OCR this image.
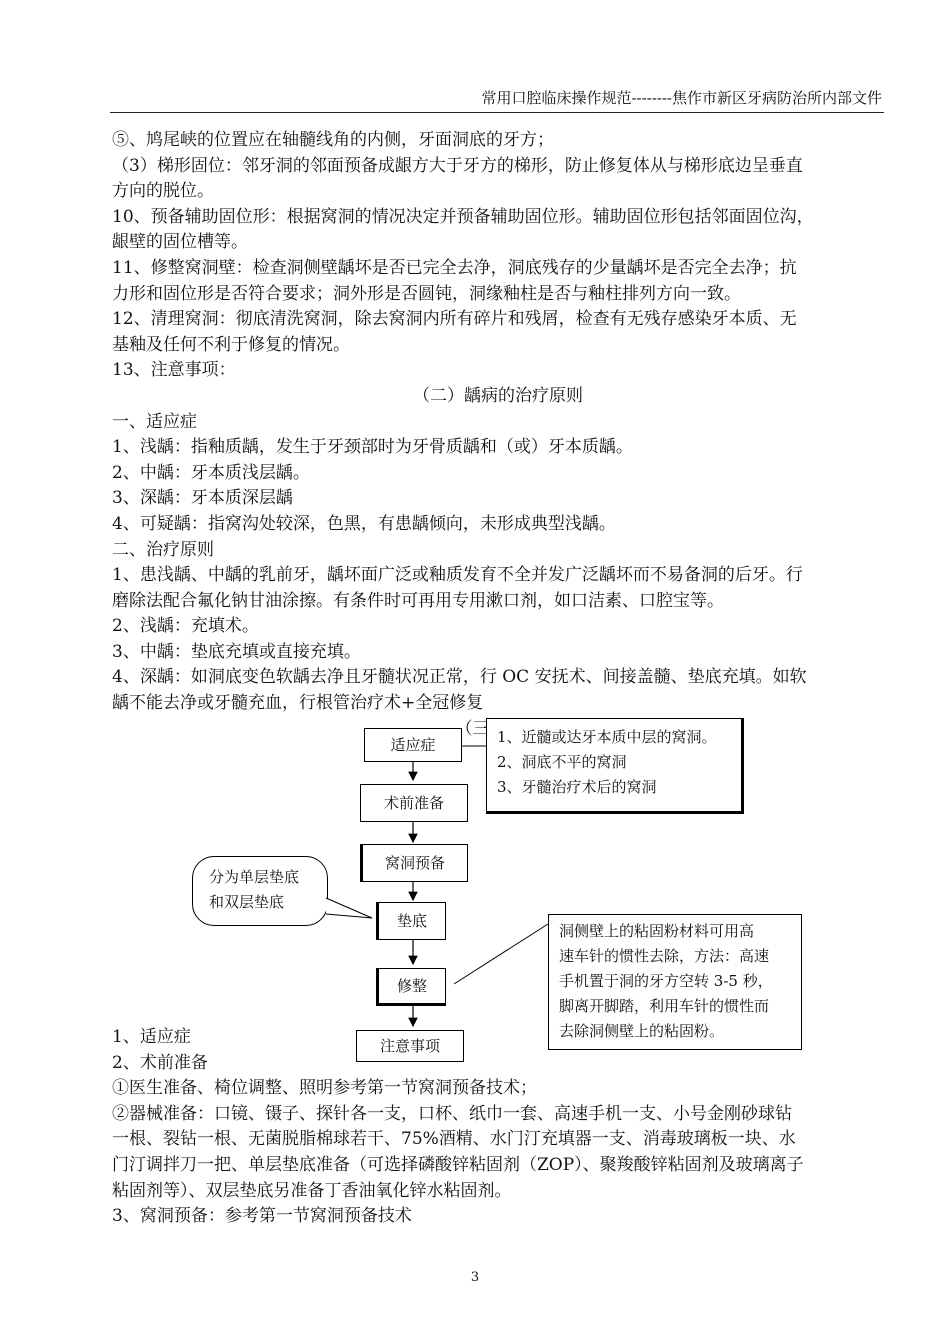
常用口腔临床操作规范--------焦作市新区牙病防治所内部文件

⑤、鸠尾峡的位置应在轴髓线角的内侧，牙面洞底的牙方；

（3）梯形固位：邻牙洞的邻面预备成龈方大于牙方的梯形，防止修复体从与梯形底边呈垂直

方向的脱位。

10、预备辅助固位形：根据窝洞的情况决定并预备辅助固位形。辅助固位形包括邻面固位沟，

龈壁的固位槽等。

11、修整窝洞壁：检查洞侧壁龋坏是否已完全去净，洞底残存的少量龋坏是否完全去净；抗

力形和固位形是否符合要求；洞外形是否圆钝，洞缘釉柱是否与釉柱排列方向一致。

12、清理窝洞：彻底清洗窝洞，除去窝洞内所有碎片和残屑，检查有无残存感染牙本质、无

基釉及任何不利于修复的情况。

13、注意事项：

（二）龋病的治疗原则

一、适应症

1、浅龋：指釉质龋，发生于牙颈部时为牙骨质龋和（或）牙本质龋。

2、中龋：牙本质浅层龋。

3、深龋：牙本质深层龋

4、可疑龋：指窝沟处较深，色黑，有患龋倾向，未形成典型浅龋。

二、治疗原则

1、患浅龋、中龋的乳前牙，龋坏面广泛或釉质发育不全并发广泛龋坏而不易备洞的后牙。行

磨除法配合氟化钠甘油涂擦。有条件时可再用专用漱口剂，如口洁素、口腔宝等。

2、浅龋：充填术。

3、中龋：垫底充填或直接充填。

4、深龋：如洞底变色软龋去净且牙髓状况正常，行 OC 安抚术、间接盖髓、垫底充填。如软

龋不能去净或牙髓充血，行根管治疗术+全冠修复

适应症	1、近髓或达牙本质中层的窝洞。
2、洞底不平的窝洞
3、牙髓治疗术后的窝洞
术前准备
窝洞预备
分为单层垫底
和双层垫底
垫底
修整
洞侧壁上的粘固粉材料可用高
速车针的惯性去除，方法：高速
手机置于洞的牙方空转 3-5 秒，
脚离开脚踏，利用车针的惯性而
去除洞侧壁上的粘固粉。
注意事项

1、适应症

2、术前准备

①医生准备、椅位调整、照明参考第一节窝洞预备技术；

②器械准备：口镜、镊子、探针各一支，口杯、纸巾一套、高速手机一支、小号金刚砂球钻

一根、裂钻一根、无菌脱脂棉球若干、75%酒精、水门汀充填器一支、消毒玻璃板一块、水

门汀调拌刀一把、单层垫底准备（可选择磷酸锌粘固剂（ZOP）、聚羧酸锌粘固剂及玻璃离子

粘固剂等）、双层垫底另准备丁香油氧化锌水粘固剂。

3、窝洞预备：参考第一节窝洞预备技术

3
